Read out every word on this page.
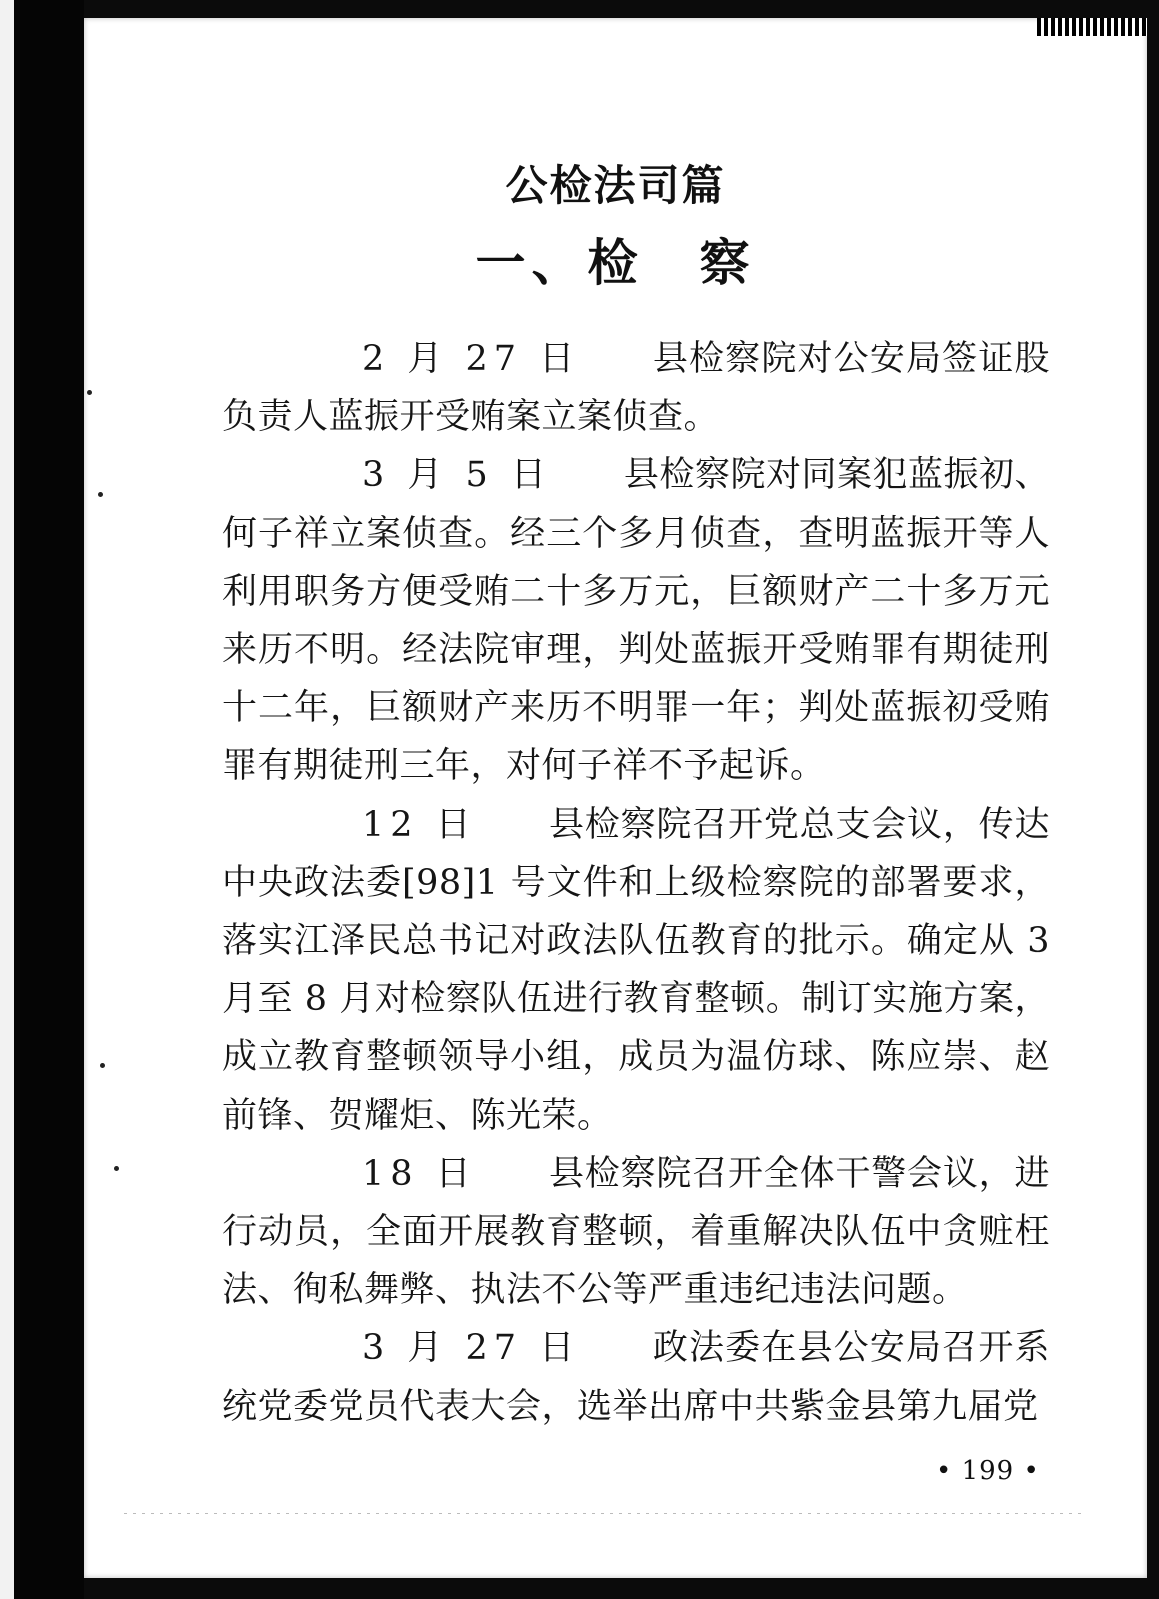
公检法司篇
一、检　察

2 月 27 日 县检察院对公安局签证股负责人蓝振开受贿案立案侦查。

3 月 5 日 县检察院对同案犯蓝振初、何子祥立案侦查。经三个多月侦查，查明蓝振开等人利用职务方便受贿二十多万元，巨额财产二十多万元来历不明。经法院审理，判处蓝振开受贿罪有期徒刑十二年，巨额财产来历不明罪一年；判处蓝振初受贿罪有期徒刑三年，对何子祥不予起诉。

12 日 县检察院召开党总支会议，传达中央政法委[98]1 号文件和上级检察院的部署要求，落实江泽民总书记对政法队伍教育的批示。确定从 3 月至 8 月对检察队伍进行教育整顿。制订实施方案，成立教育整顿领导小组，成员为温仿球、陈应崇、赵前锋、贺耀炬、陈光荣。

18 日 县检察院召开全体干警会议，进行动员，全面开展教育整顿，着重解决队伍中贪赃枉法、徇私舞弊、执法不公等严重违纪违法问题。

3 月 27 日 政法委在县公安局召开系统党委党员代表大会，选举出席中共紫金县第九届党

• 199 •
